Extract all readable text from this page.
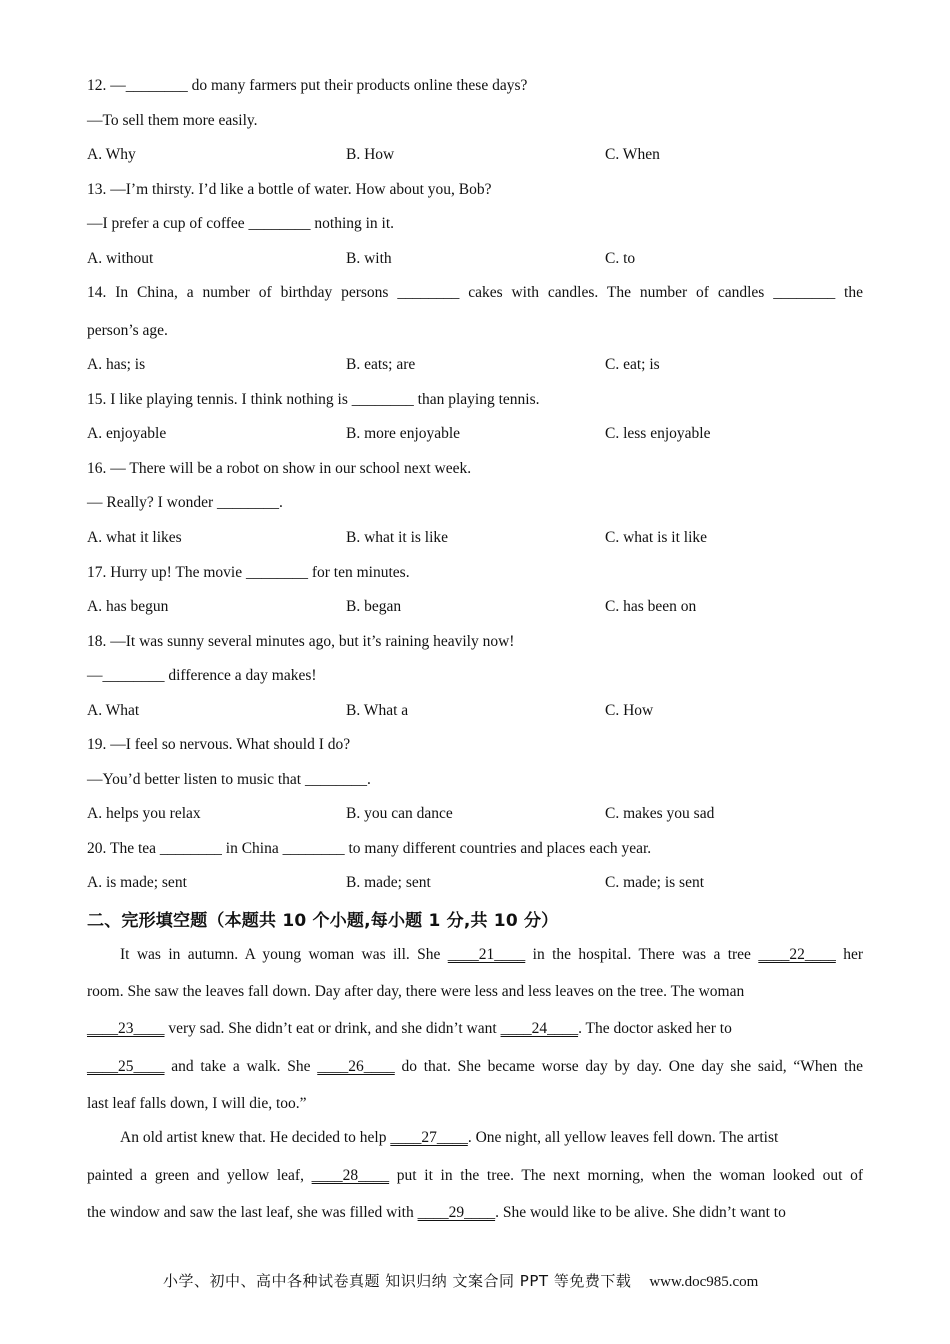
12. —________ do many farmers put their products online these days?
—To sell them more easily.
A. Why	B. How	C. When
13. —I’m thirsty. I’d like a bottle of water. How about you, Bob?
—I prefer a cup of coffee ________ nothing in it.
A. without	B. with	C. to
14. In China, a number of birthday persons ________ cakes with candles. The number of candles ________ the
person’s age.
A. has; is	B. eats; are	C. eat; is
15. I like playing tennis. I think nothing is ________ than playing tennis.
A. enjoyable	B. more enjoyable	C. less enjoyable
16. — There will be a robot on show in our school next week.
— Really? I wonder ________.
A. what it likes	B. what it is like	C. what is it like
17. Hurry up! The movie ________ for ten minutes.
A. has begun	B. began	C. has been on
18. —It was sunny several minutes ago, but it’s raining heavily now!
—________ difference a day makes!
A. What	B. What a	C. How
19. —I feel so nervous. What should I do?
—You’d better listen to music that ________.
A. helps you relax	B. you can dance	C. makes you sad
20. The tea ________ in China ________ to many different countries and places each year.
A. is made; sent	B. made; sent	C. made; is sent
二、完形填空题（本题共 10 个小题,每小题 1 分,共 10 分）
It was in autumn. A young woman was ill. She ____21____ in the hospital. There was a tree ____22____ her
room. She saw the leaves fall down. Day after day, there were less and less leaves on the tree. The woman
____23____ very sad. She didn’t eat or drink, and she didn’t want ____24____. The doctor asked her to
____25____ and take a walk. She ____26____ do that. She became worse day by day. One day she said, “When the
last leaf falls down, I will die, too.”
An old artist knew that. He decided to help ____27____. One night, all yellow leaves fell down. The artist
painted a green and yellow leaf, ____28____ put it in the tree. The next morning, when the woman looked out of
the window and saw the last leaf, she was filled with ____29____. She would like to be alive. She didn’t want to
小学、初中、高中各种试卷真题 知识归纳 文案合同 PPT 等免费下载 www.doc985.com
